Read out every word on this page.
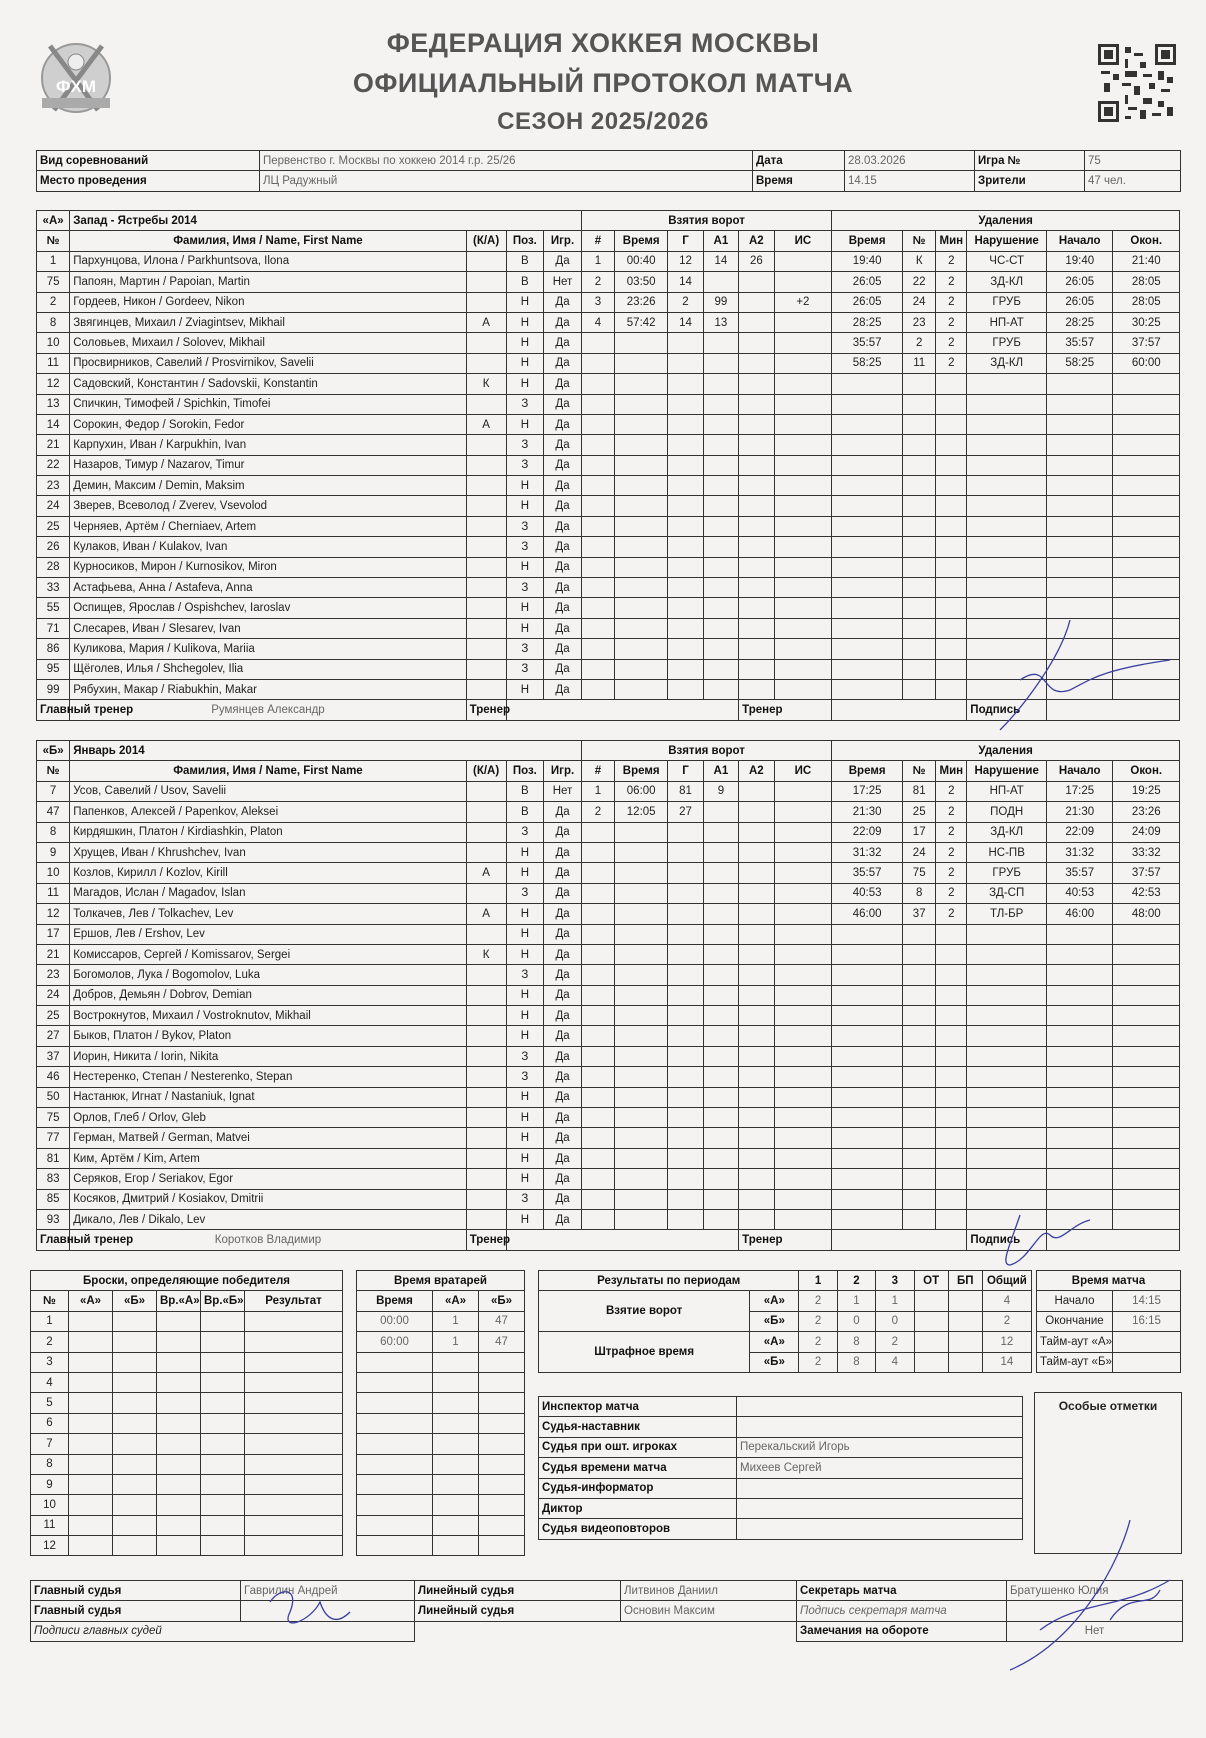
ФХМ
ФЕДЕРАЦИЯ ХОККЕЯ МОСКВЫ
ОФИЦИАЛЬНЫЙ ПРОТОКОЛ МАТЧА
СЕЗОН 2025/2026
Вид соревнований	Первенство г. Москвы по хоккею 2014 г.р. 25/26	Дата	28.03.2026	Игра №	75
Место проведения	ЛЦ Радужный	Время	14.15	Зрители	47 чел.
«А»	Запад - Ястребы 2014				Взятия ворот						Удаления					
№	Фамилия, Имя / Name, First Name	(К/А)	Поз.	Игр.	#	Время	Г	А1	А2	ИС	Время	№	Мин	Нарушение	Начало	Окон.
1	Пархунцова, Илона / Parkhuntsova, Ilona		В	Да	1	00:40	12	14	26		19:40	К	2	ЧС-СТ	19:40	21:40
75	Папоян, Мартин / Papoian, Martin		В	Нет	2	03:50	14				26:05	22	2	ЗД-КЛ	26:05	28:05
2	Гордеев, Никон / Gordeev, Nikon		Н	Да	3	23:26	2	99		+2	26:05	24	2	ГРУБ	26:05	28:05
8	Звягинцев, Михаил / Zviagintsev, Mikhail	А	Н	Да	4	57:42	14	13			28:25	23	2	НП-АТ	28:25	30:25
10	Соловьев, Михаил / Solovev, Mikhail		Н	Да							35:57	2	2	ГРУБ	35:57	37:57
11	Просвирников, Савелий / Prosvirnikov, Savelii		Н	Да							58:25	11	2	ЗД-КЛ	58:25	60:00
12	Садовский, Константин / Sadovskii, Konstantin	К	Н	Да												
13	Спичкин, Тимофей / Spichkin, Timofei		З	Да												
14	Сорокин, Федор / Sorokin, Fedor	А	Н	Да												
21	Карпухин, Иван / Karpukhin, Ivan		З	Да												
22	Назаров, Тимур / Nazarov, Timur		З	Да												
23	Демин, Максим / Demin, Maksim		Н	Да												
24	Зверев, Всеволод / Zverev, Vsevolod		Н	Да												
25	Черняев, Артём / Cherniaev, Artem		З	Да												
26	Кулаков, Иван / Kulakov, Ivan		З	Да												
28	Курносиков, Мирон / Kurnosikov, Miron		Н	Да												
33	Астафьева, Анна / Astafeva, Anna		З	Да												
55	Оспищев, Ярослав / Ospishchev, Iaroslav		Н	Да												
71	Слесарев, Иван / Slesarev, Ivan		Н	Да												
86	Куликова, Мария / Kulikova, Mariia		З	Да												
95	Щёголев, Илья / Shchegolev, Ilia		З	Да												
99	Рябухин, Макар / Riabukhin, Makar		Н	Да												
Главный тренер	Румянцев Александр	Тренер							Тренер					Подпись		
«Б»	Январь 2014				Взятия ворот						Удаления					
№	Фамилия, Имя / Name, First Name	(К/А)	Поз.	Игр.	#	Время	Г	А1	А2	ИС	Время	№	Мин	Нарушение	Начало	Окон.
7	Усов, Савелий / Usov, Savelii		В	Нет	1	06:00	81	9			17:25	81	2	НП-АТ	17:25	19:25
47	Папенков, Алексей / Papenkov, Aleksei		В	Да	2	12:05	27				21:30	25	2	ПОДН	21:30	23:26
8	Кирдяшкин, Платон / Kirdiashkin, Platon		З	Да							22:09	17	2	ЗД-КЛ	22:09	24:09
9	Хрущев, Иван / Khrushchev, Ivan		Н	Да							31:32	24	2	НС-ПВ	31:32	33:32
10	Козлов, Кирилл / Kozlov, Kirill	А	Н	Да							35:57	75	2	ГРУБ	35:57	37:57
11	Магадов, Ислан / Magadov, Islan		З	Да							40:53	8	2	ЗД-СП	40:53	42:53
12	Толкачев, Лев / Tolkachev, Lev	А	Н	Да							46:00	37	2	ТЛ-БР	46:00	48:00
17	Ершов, Лев / Ershov, Lev		Н	Да												
21	Комиссаров, Сергей / Komissarov, Sergei	К	Н	Да												
23	Богомолов, Лука / Bogomolov, Luka		З	Да												
24	Добров, Демьян / Dobrov, Demian		Н	Да												
25	Вострокнутов, Михаил / Vostroknutov, Mikhail		Н	Да												
27	Быков, Платон / Bykov, Platon		Н	Да												
37	Иорин, Никита / Iorin, Nikita		З	Да												
46	Нестеренко, Степан / Nesterenko, Stepan		З	Да												
50	Настанюк, Игнат / Nastaniuk, Ignat		Н	Да												
75	Орлов, Глеб / Orlov, Gleb		Н	Да												
77	Герман, Матвей / German, Matvei		Н	Да												
81	Ким, Артём / Kim, Artem		Н	Да												
83	Серяков, Егор / Seriakov, Egor		Н	Да												
85	Косяков, Дмитрий / Kosiakov, Dmitrii		З	Да												
93	Дикало, Лев / Dikalo, Lev		Н	Да												
Главный тренер	Коротков Владимир	Тренер							Тренер					Подпись		
Броски, определяющие победителя					
№	«А»	«Б»	Вр.«А»	Вр.«Б»	Результат
1					
2					
3					
4					
5					
6					
7					
8					
9					
10					
11					
12					
Время вратарей		
Время	«А»	«Б»
00:00	1	47
60:00	1	47

Результаты по периодам		1	2	3	ОТ	БП	Общий
Взятие ворот	«А»	2	1	1			4
	«Б»	2	0	0			2
Штрафное время	«А»	2	8	2			12
	«Б»	2	8	4			14
Время матча	
Начало	14:15
Окончание	16:15
Тайм-аут «А»	
Тайм-аут «Б»	
Инспектор матча	
Судья-наставник	
Судья при oшт. игроках	Перекальский Игорь
Судья времени матча	Михеев Сергей
Судья-информатор	
Диктор	
Судья видеоповторов	
Особые отметки
Главный судья	Гаврилин Андрей	Линейный судья	Литвинов Даниил	Секретарь матча	Братушенко Юлия
Главный судья		Линейный судья	Основин Максим	Подпись секретаря матча	
Подписи главных судей				Замечания на обороте	Нет
